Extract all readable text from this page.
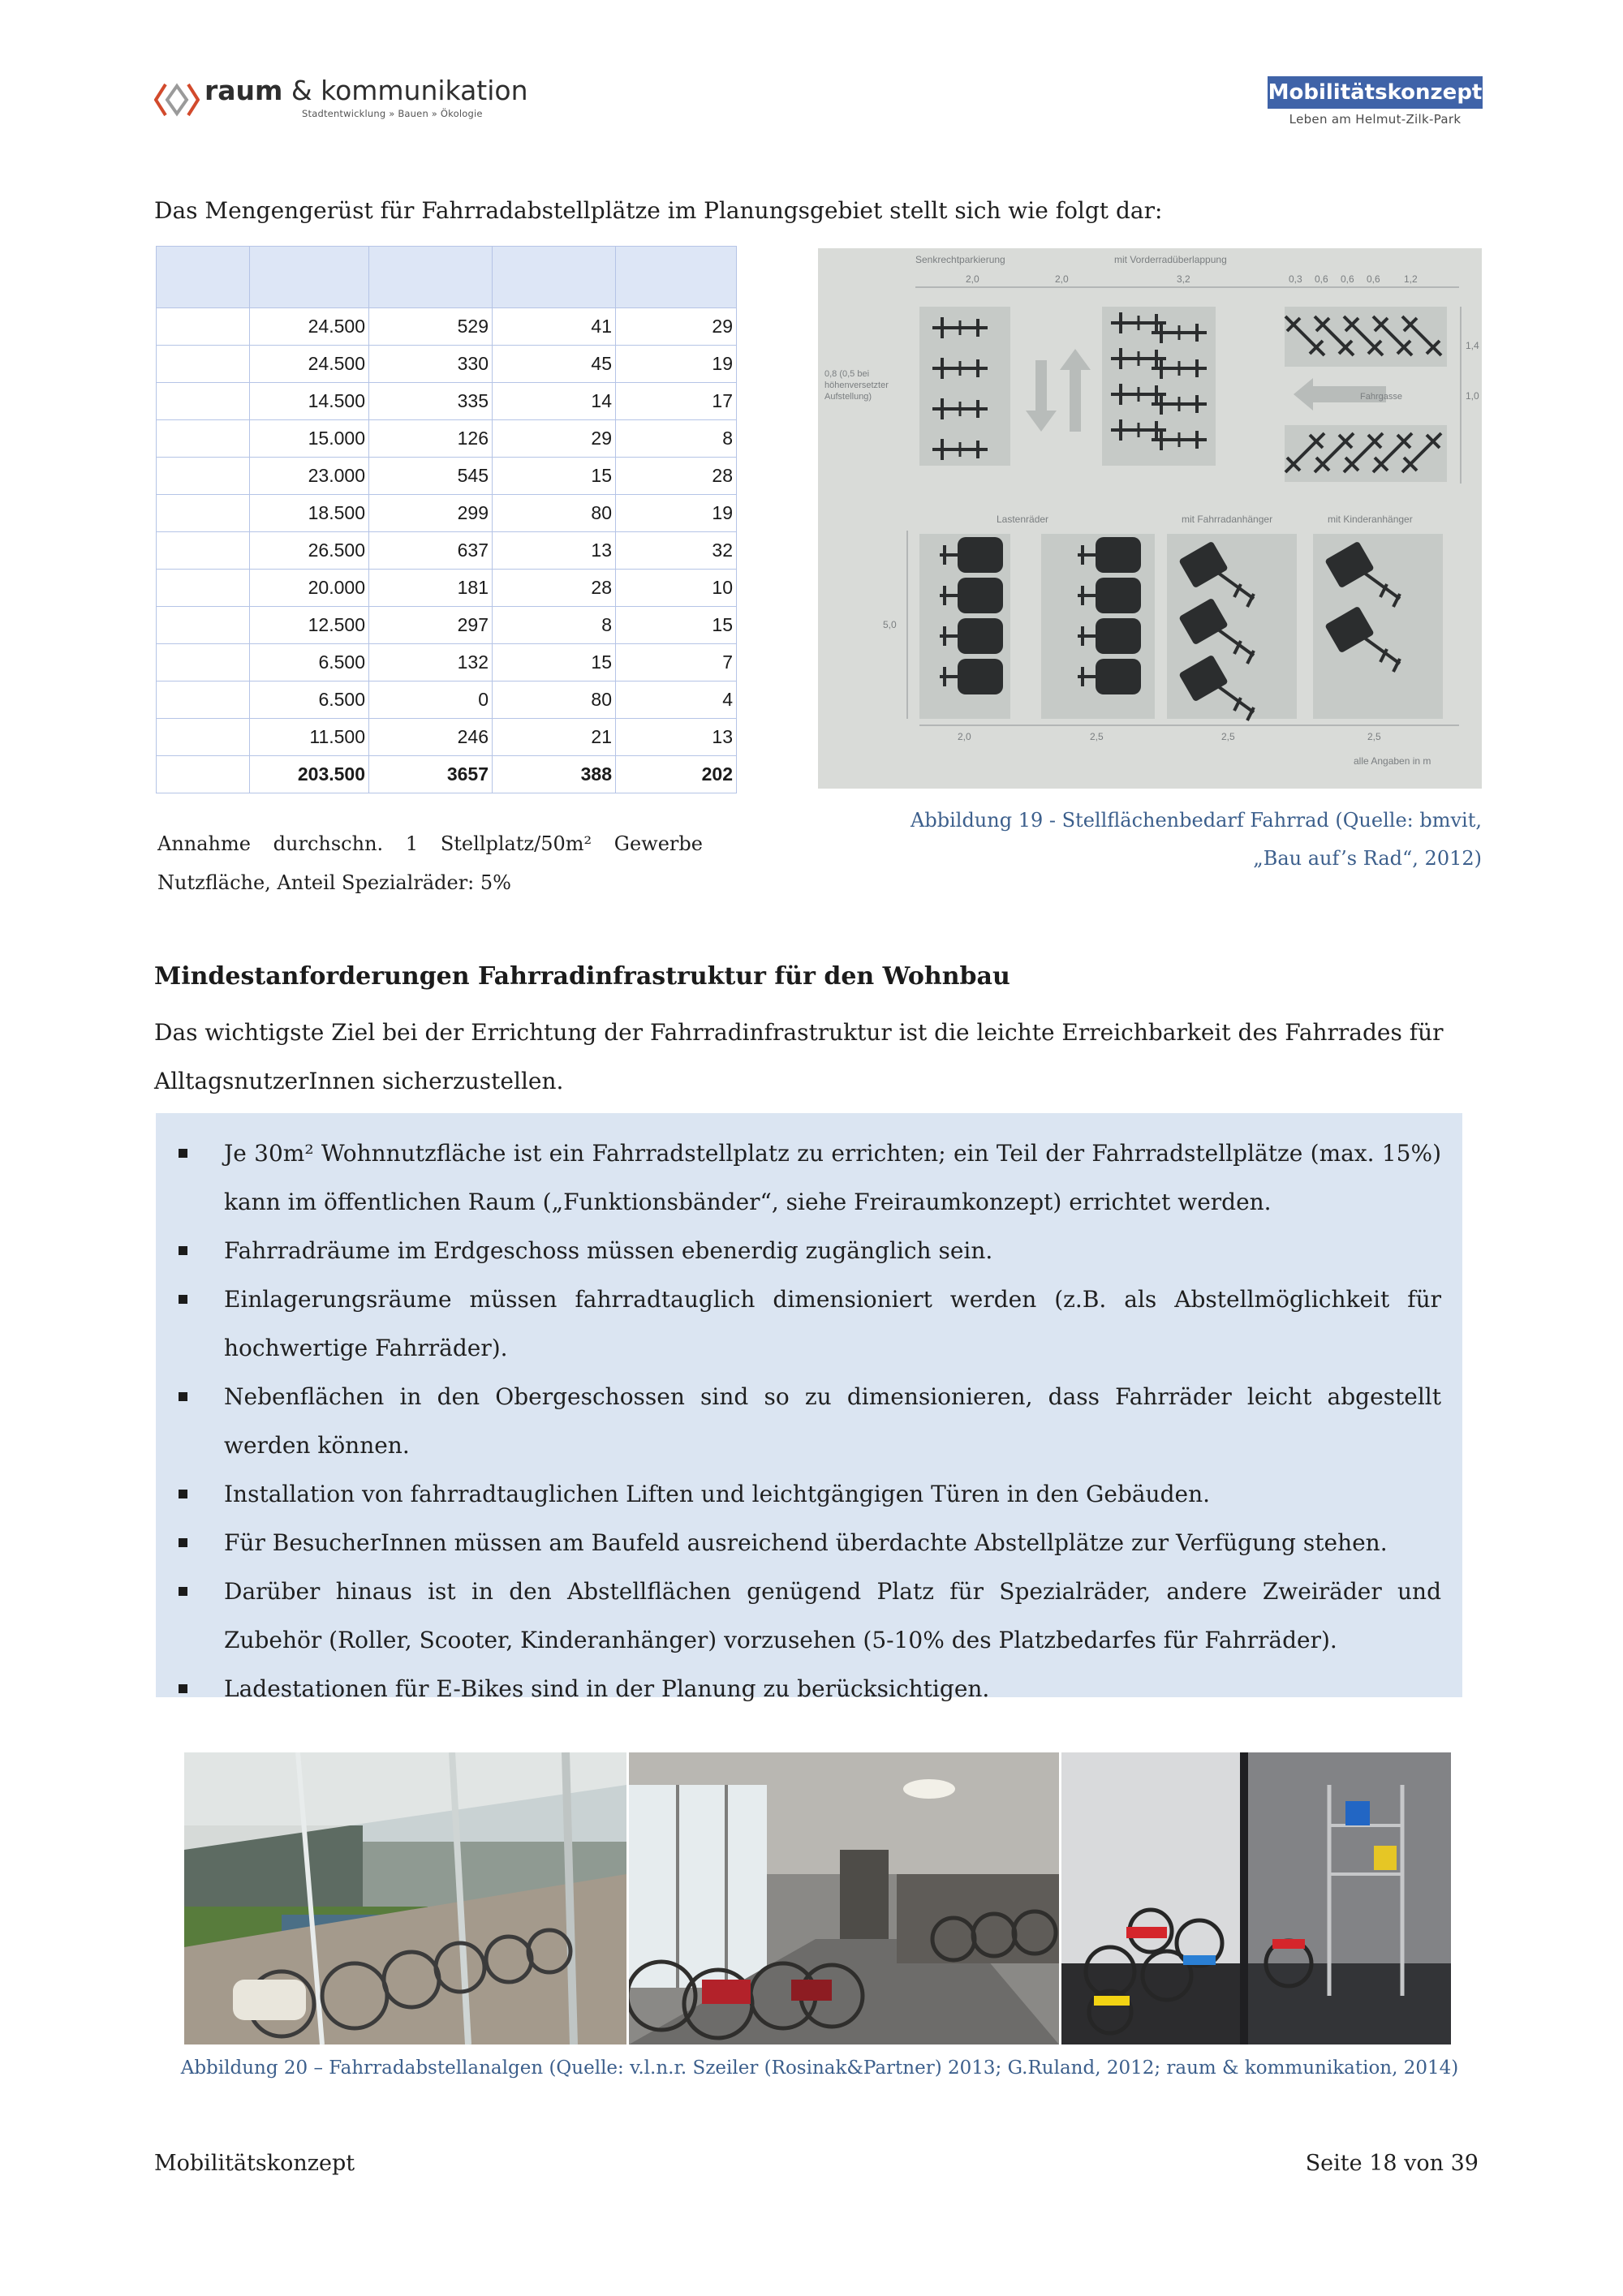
raum & kommunikation
Stadtentwicklung » Bauen » Ökologie
Mobilitätskonzept
Leben am Helmut-Zilk-Park
Das Mengengerüst für Fahrradabstellplätze im Planungsgebiet stellt sich wie folgt dar:

	24.500	529	41	29
	24.500	330	45	19
	14.500	335	14	17
	15.000	126	29	8
	23.000	545	15	28
	18.500	299	80	19
	26.500	637	13	32
	20.000	181	28	10
	12.500	297	8	15
	6.500	132	15	7
	6.500	0	80	4
	11.500	246	21	13
	203.500	3657	388	202
Annahme durchschn. 1 Stellplatz/50m² Gewerbe
Nutzfläche, Anteil Spezialräder: 5%
Senkrechtparkierung	mit Vorderradüberlappung
2,0	2,0	3,2	0,3 0,6 0,6 0,6 1,2
0,8 (0,5 bei
höhenversetzter
Aufstellung)	Fahrgasse
1,4
1,0
Lastenräder	mit Fahrradanhänger	mit Kinderanhänger
5,0
2,0	2,5	2,5	2,5
alle Angaben in m
Abbildung 19 - Stellflächenbedarf Fahrrad (Quelle: bmvit,
„Bau auf’s Rad“, 2012)
Mindestanforderungen Fahrradinfrastruktur für den Wohnbau
Das wichtigste Ziel bei der Errichtung der Fahrradinfrastruktur ist die leichte Erreichbarkeit des Fahrrades für AlltagsnutzerInnen sicherzustellen.
Je 30m² Wohnnutzfläche ist ein Fahrradstellplatz zu errichten; ein Teil der Fahrradstellplätze (max. 15%) kann im öffentlichen Raum („Funktionsbänder“, siehe Freiraumkonzept) errichtet werden.
Fahrradräume im Erdgeschoss müssen ebenerdig zugänglich sein.
Einlagerungsräume müssen fahrradtauglich dimensioniert werden (z.B. als Abstellmöglichkeit für hochwertige Fahrräder).
Nebenflächen in den Obergeschossen sind so zu dimensionieren, dass Fahrräder leicht abgestellt werden können.
Installation von fahrradtauglichen Liften und leichtgängigen Türen in den Gebäuden.
Für BesucherInnen müssen am Baufeld ausreichend überdachte Abstellplätze zur Verfügung stehen.
Darüber hinaus ist in den Abstellflächen genügend Platz für Spezialräder, andere Zweiräder und Zubehör (Roller, Scooter, Kinderanhänger) vorzusehen (5-10% des Platzbedarfes für Fahrräder).
Ladestationen für E-Bikes sind in der Planung zu berücksichtigen.
Abbildung 20 – Fahrradabstellanalgen (Quelle: v.l.n.r. Szeiler (Rosinak&Partner) 2013; G.Ruland, 2012; raum & kommunikation, 2014)
Mobilitätskonzept	Seite 18 von 39
